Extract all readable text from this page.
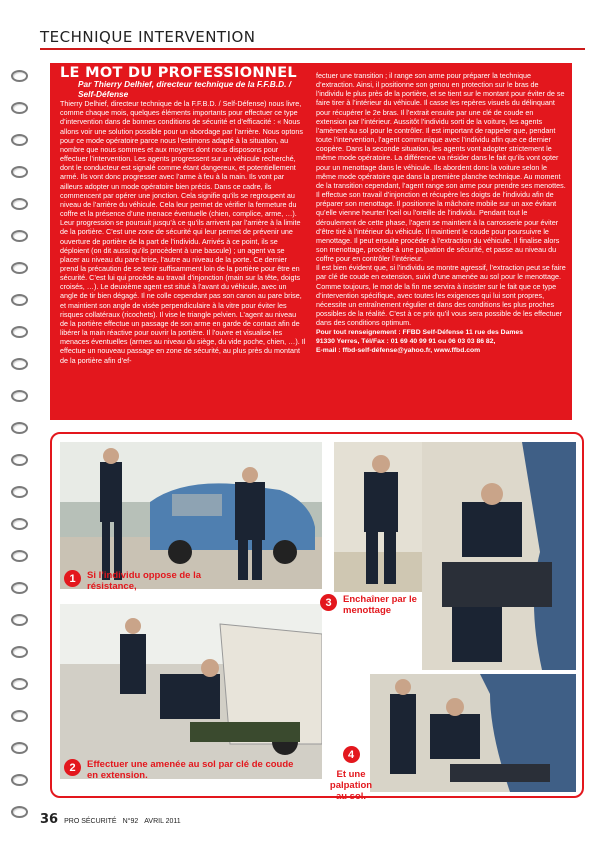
TECHNIQUE INTERVENTION
LE MOT DU PROFESSIONNEL

Par Thierry Delhief, directeur technique de la F.F.B.D. / Self-Défense

Thierry Delhief, directeur technique de la F.F.B.D. / Self-Défense) nous livre, comme chaque mois, quelques éléments importants pour effectuer ce type d’intervention dans de bonnes conditions de sécurité et d’efficacité : « Nous allons voir une solution possible pour un abordage par l’arrière. Nous optons pour ce mode opératoire parce nous l’estimons adapté à la situation, au nombre que nous sommes et aux moyens dont nous disposons pour effectuer l’intervention. Les agents progressent sur un véhicule recherché, dont le conducteur est signalé comme étant dangereux, et potentiellement armé. Ils vont donc progresser avec l’arme à feu à la main. Ils vont par ailleurs adopter un mode opératoire bien précis. Dans ce cadre, ils commencent par opérer une jonction. Cela signifie qu’ils se regroupent au niveau de l’arrière du véhicule. Cela leur permet de vérifier la fermeture du coffre et la présence d’une menace éventuelle (chien, complice, arme, …). Leur progression se poursuit jusqu’à ce qu’ils arrivent par l’arrière à la limite de la portière. C’est une zone de sécurité qui leur permet de prévenir une ouverture de portière de la part de l’individu. Arrivés à ce point, ils se déploient (on dit aussi qu’ils procèdent à une bascule) ; un agent va se placer au niveau du pare brise, l’autre au niveau de la porte. Ce dernier prend la précaution de se tenir suffisamment loin de la portière pour être en sécurité. C’est lui qui procède au travail d’injonction (main sur la tête, doigts croisés, …). Le deuxième agent est situé à l’avant du véhicule, avec un angle de tir bien dégagé. Il ne colle cependant pas son canon au pare brise, et maintient son angle de visée perpendiculaire à la vitre pour éviter les risques collatéraux (ricochets). Il vise le triangle pelvien. L’agent au niveau de la portière effectue un passage de son arme en garde de contact afin de libérer la main réactive pour ouvrir la portière. Il l’ouvre et visualise les menaces éventuelles (armes au niveau du siège, du vide poche, chien, …). Il effectue un nouveau passage en zone de sécurité, au plus près du montant de la portière afin d’ef-

fectuer une transition ; il range son arme pour préparer la technique d’extraction. Ainsi, il positionne son genou en protection sur le bras de l’individu le plus près de la portière, et se tient sur le montant pour éviter de se faire tirer à l’intérieur du véhicule. Il casse les repères visuels du délinquant pour récupérer le 2e bras. Il l’extrait ensuite par une clé de coude en extension par l’intérieur. Aussitôt l’individu sorti de la voiture, les agents l’amènent au sol pour le contrôler. Il est important de rappeler que, pendant toute l’intervention, l’agent communique avec l’individu afin que ce dernier coopère. Dans la seconde situation, les agents vont adopter strictement le même mode opératoire. La différence va résider dans le fait qu’ils vont opter pour un menottage dans le véhicule. Ils abordent donc la voiture selon le même mode opératoire que dans la première planche technique. Au moment de la transition cependant, l’agent range son arme pour prendre ses menottes. Il effectue son travail d’injonction et récupère les doigts de l’individu afin de préparer son menottage. Il positionne la mâchoire mobile sur un axe évitant qu’elle vienne heurter l’oeil ou l’oreille de l’individu. Pendant tout le déroulement de cette phase, l’agent se maintient à la carrosserie pour éviter d’être tiré à l’intérieur du véhicule. Il maintient le coude pour poursuivre le menottage. Il peut ensuite procéder à l’extraction du véhicule. Il finalise alors son menottage, procède à une palpation de sécurité, et passe au niveau du coffre pour en contrôler l’intérieur.

Il est bien évident que, si l’individu se montre agressif, l’extraction peut se faire par clé de coude en extension, suivi d’une amenée au sol pour le menottage. Comme toujours, le mot de la fin me servira à insister sur le fait que ce type d’intervention spécifique, avec toutes les exigences qui lui sont propres, nécessite un entraînement régulier et dans des conditions les plus proches possibles de la réalité. C’est à ce prix qu’il vous sera possible de les effectuer dans des conditions optimum.

Pour tout renseignement : FFBD Self-Défense 11 rue des Dames
91330 Yerres, Tél/Fax : 01 69 40 99 91 ou 06 03 03 86 82,
E-mail : ffbd-self-défense@yahoo.fr, www.ffbd.com

1	Si l’individu oppose de la résistance,
2	Effectuer une amenée au sol par clé de coude en extension.
3	Enchaîner par le menottage
4
Et une palpation au sol.
36 PRO SÉCURITÉ N°92 AVRIL 2011
